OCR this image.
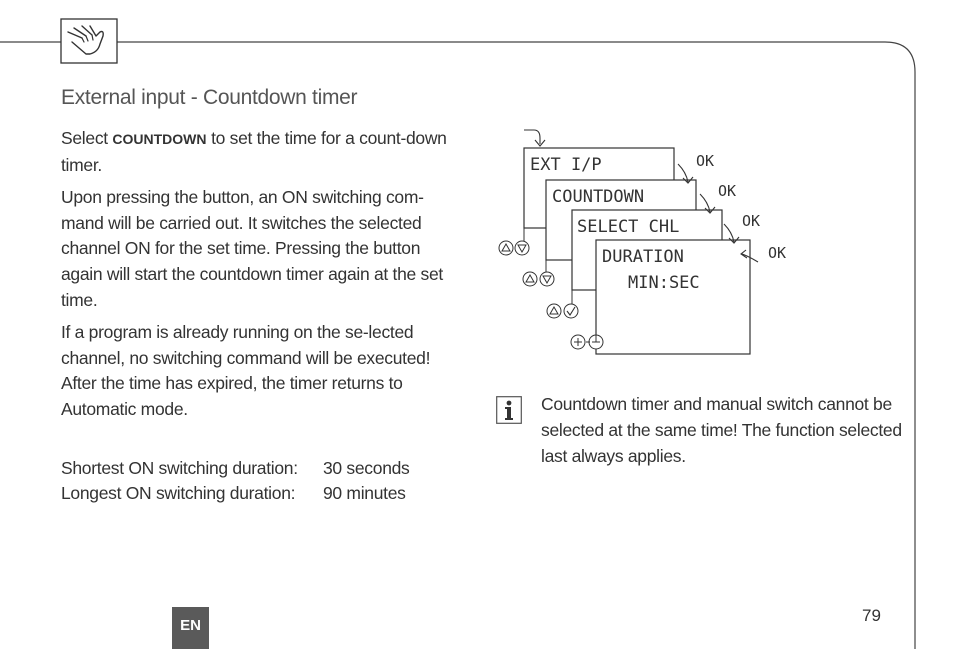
External input - Countdown timer

Select COUNTDOWN to set the time for a count-down timer.

Upon pressing the button, an ON switching com-mand will be carried out. It switches the selected channel ON for the set time. Pressing the button again will start the countdown timer again at the set time.

If a program is already running on the se-lected channel, no switching command will be executed! After the time has expired, the timer returns to Automatic mode.

Shortest ON switching duration:	30 seconds
Longest ON switching duration:	90 minutes
EXT I/P
COUNTDOWN
SELECT CHL
DURATION
MIN:SEC
OK
OK
OK
OK

Countdown timer and manual switch cannot be selected at the same time! The function selected last always applies.

79
EN
